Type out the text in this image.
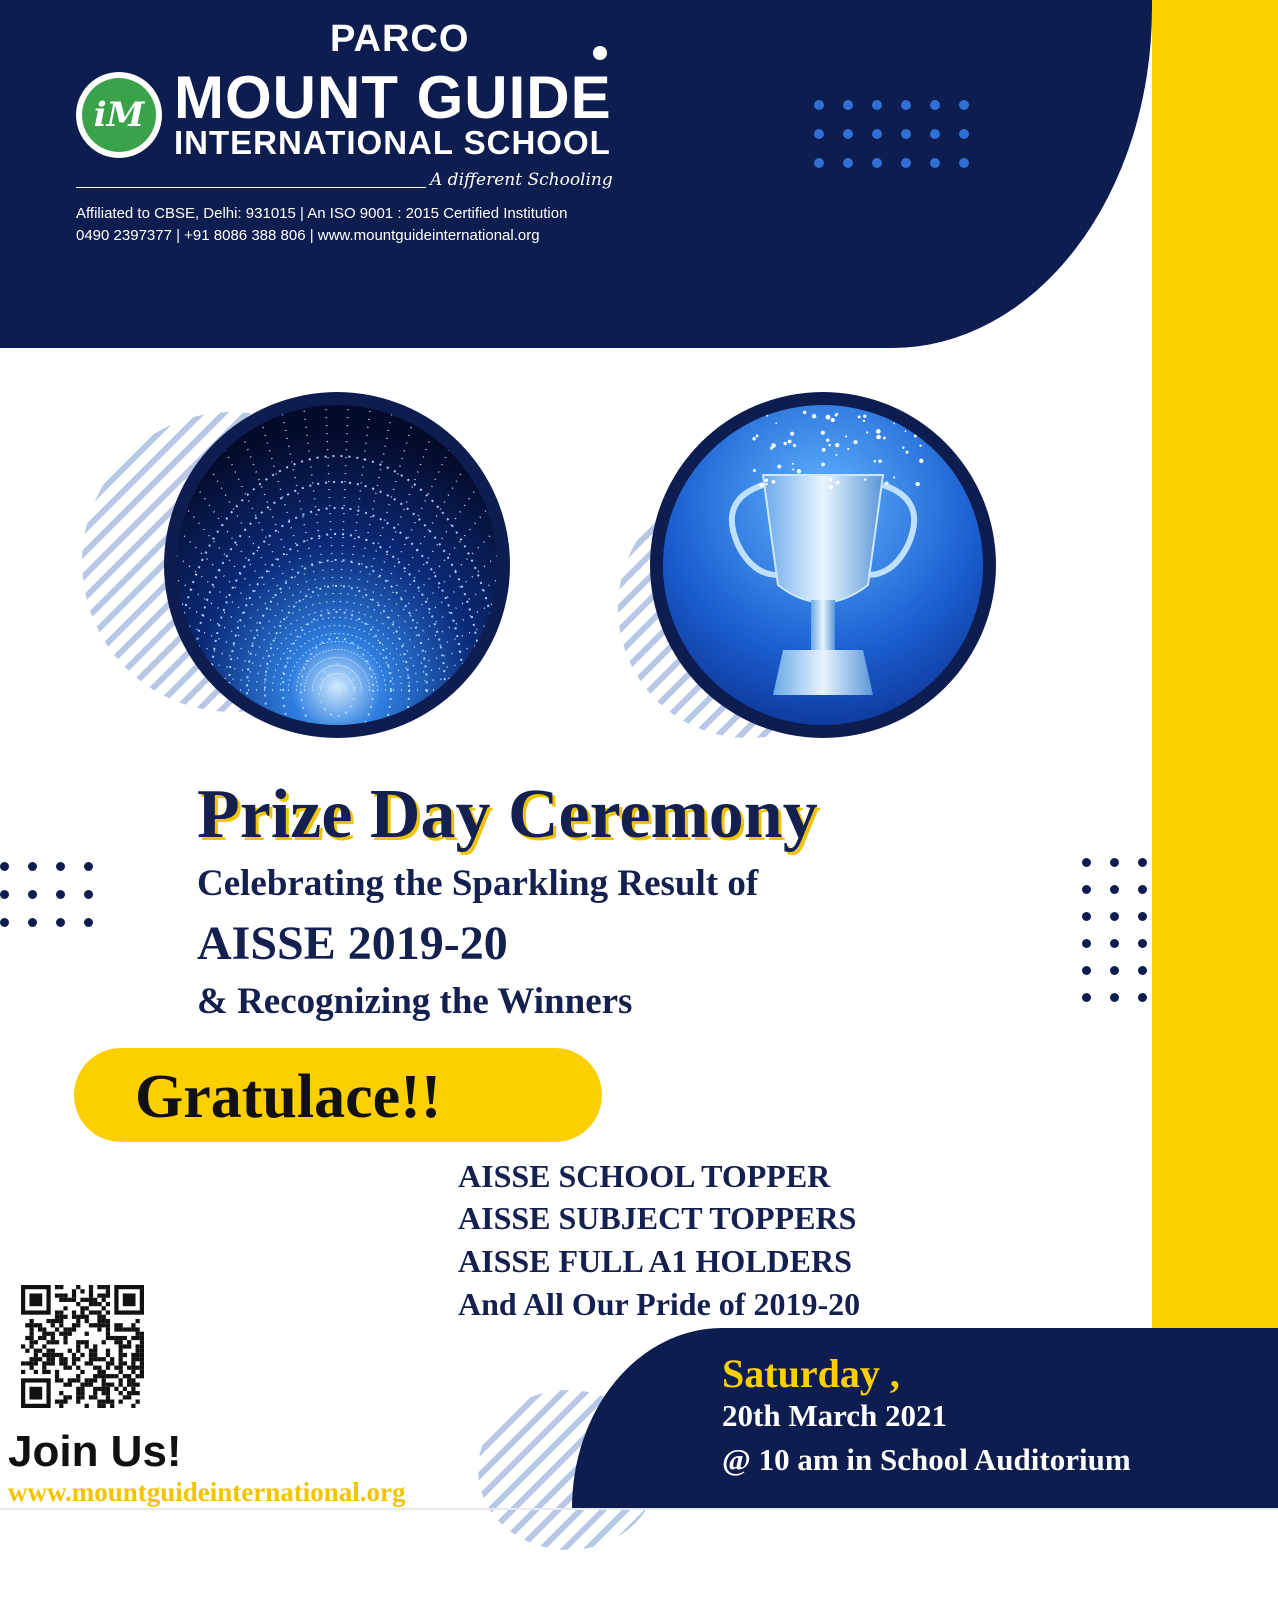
PARCO
iM MOUNT GUIDE
INTERNATIONAL SCHOOL
A different Schooling
Affiliated to CBSE, Delhi: 931015 | An ISO 9001 : 2015 Certified Institution
0490 2397377 | +91 8086 388 806 | www.mountguideinternational.org
Prize Day Ceremony
Celebrating the Sparkling Result of
AISSE 2019-20
& Recognizing the Winners
Gratulace!!
AISSE SCHOOL TOPPER
AISSE SUBJECT TOPPERS
AISSE FULL A1 HOLDERS
And All Our Pride of 2019-20
Join Us!
www.mountguideinternational.org
Saturday ,
20th March 2021
@ 10 am in School Auditorium
